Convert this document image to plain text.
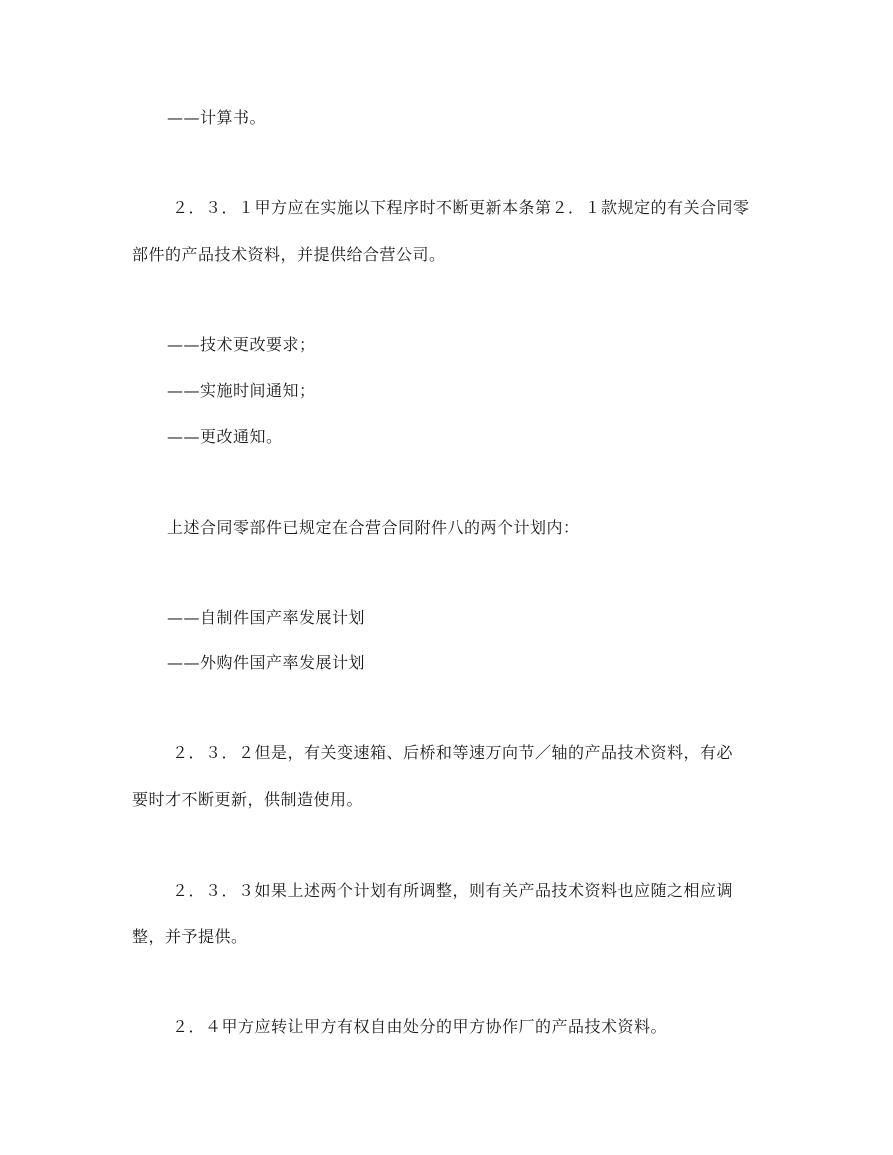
——计算书。
２．３．１甲方应在实施以下程序时不断更新本条第２．１款规定的有关合同零
部件的产品技术资料，并提供给合营公司。
——技术更改要求；
——实施时间通知；
——更改通知。
上述合同零部件已规定在合营合同附件八的两个计划内：
——自制件国产率发展计划
——外购件国产率发展计划
２．３．２但是，有关变速箱、后桥和等速万向节／轴的产品技术资料，有必
要时才不断更新，供制造使用。
２．３．３如果上述两个计划有所调整，则有关产品技术资料也应随之相应调
整，并予提供。
２．４甲方应转让甲方有权自由处分的甲方协作厂的产品技术资料。
